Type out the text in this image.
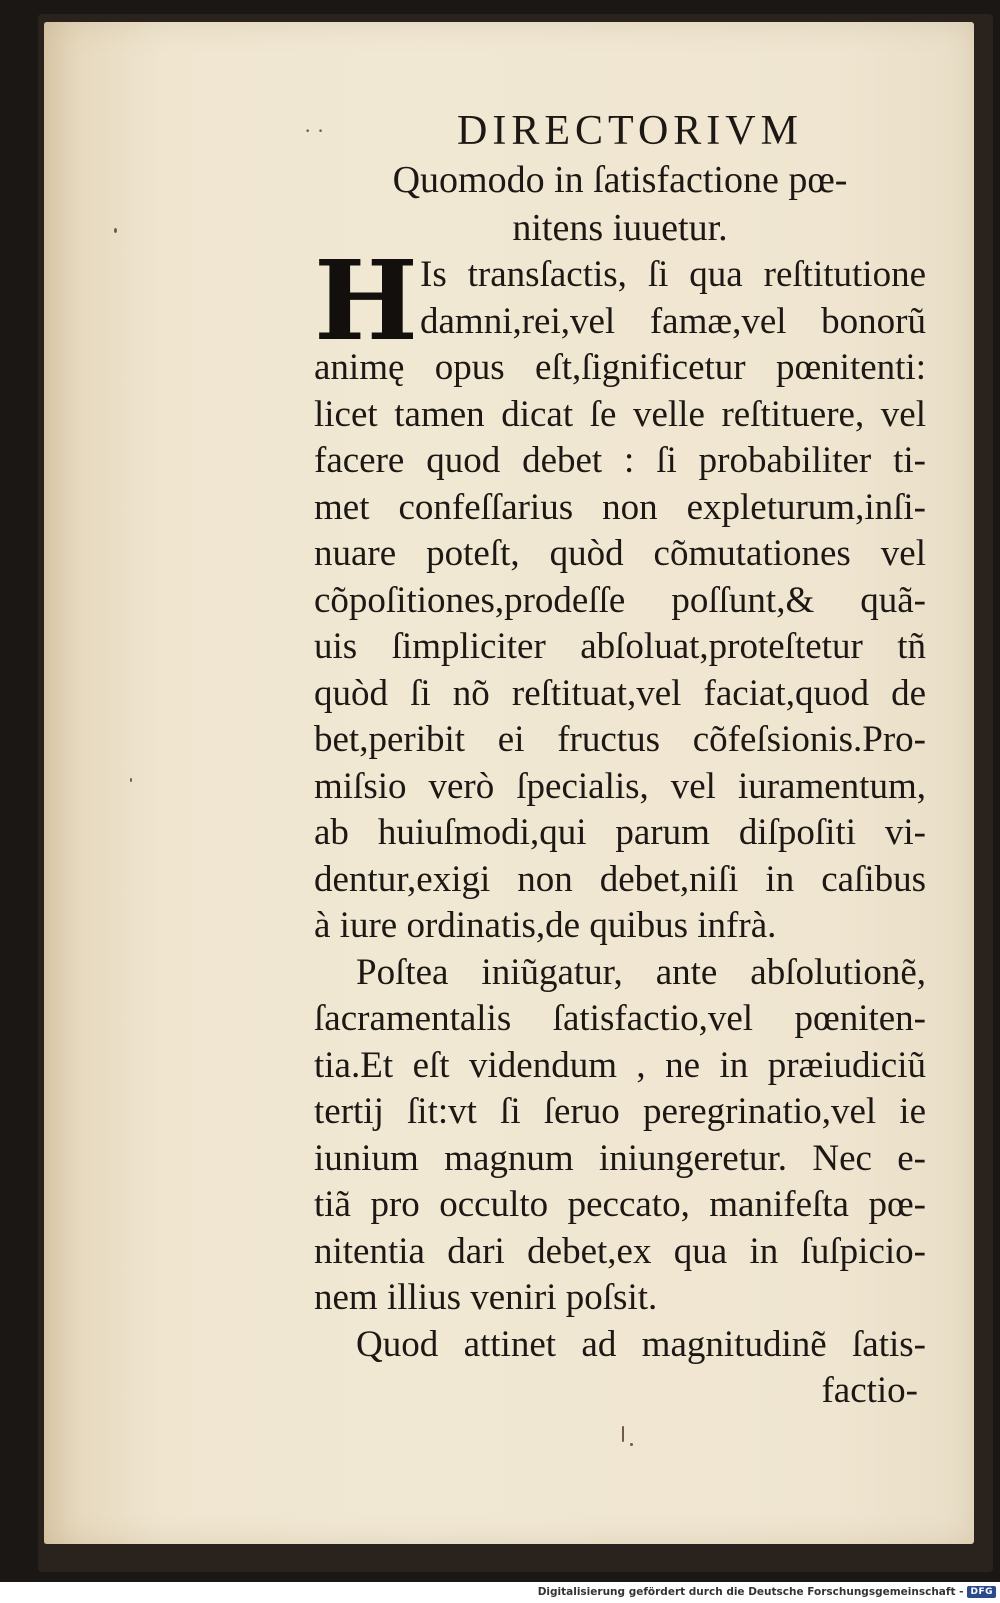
· ·	DIRECTORIVM
Quomodo in ſatisfactione pœ-
nitens iuuetur.
H Is transſactis, ſi qua reſtitutione
damni,rei,vel famæ,vel bonorũ
animę opus eſt,ſignificetur pœnitenti:
licet tamen dicat ſe velle reſtituere, vel
facere quod debet : ſi probabiliter ti-
met confeſſarius non expleturum,inſi-
nuare poteſt, quòd cõmutationes vel
cõpoſitiones,prodeſſe poſſunt,& quã-
uis ſimpliciter abſoluat,proteſtetur tñ
quòd ſi nõ reſtituat,vel faciat,quod de
bet,peribit ei fructus cõfeſsionis.Pro-
miſsio verò ſpecialis, vel iuramentum,
ab huiuſmodi,qui parum diſpoſiti vi-
dentur,exigi non debet,niſi in caſibus
à iure ordinatis,de quibus infrà.
Poſtea iniũgatur, ante abſolutionẽ,
ſacramentalis ſatisfactio,vel pœniten-
tia.Et eſt videndum , ne in præiudiciũ
tertij ſit:vt ſi ſeruo peregrinatio,vel ie
iunium magnum iniungeretur. Nec e-
tiã pro occulto peccato, manifeſta pœ-
nitentia dari debet,ex qua in ſuſpicio-
nem illius veniri poſsit.
Quod attinet ad magnitudinẽ ſatis-
factio-
Digitalisierung gefördert durch die Deutsche Forschungsgemeinschaft - DFG
